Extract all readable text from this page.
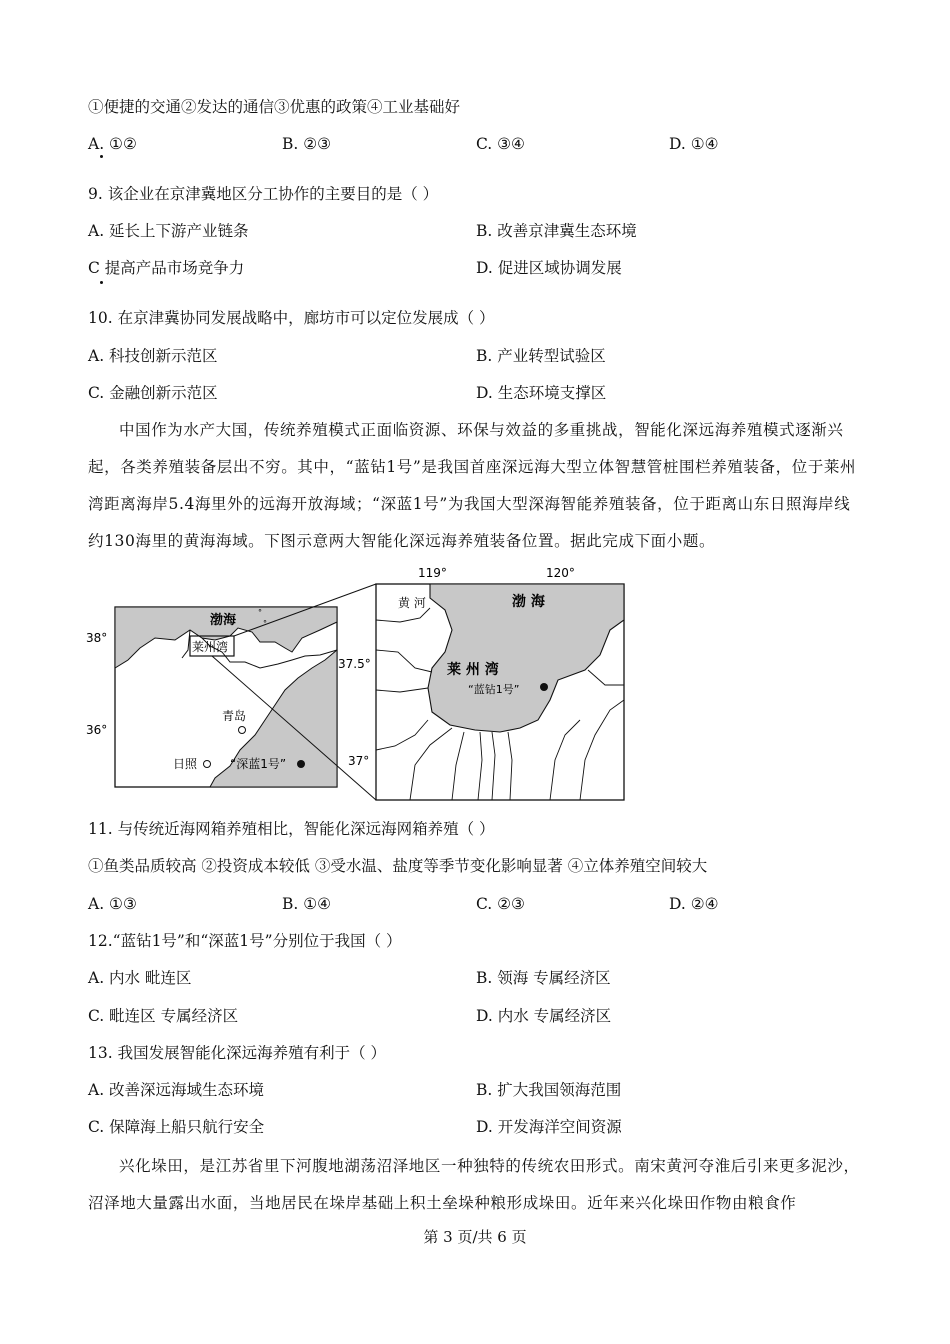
①便捷的交通②发达的通信③优惠的政策④工业基础好
A. ①②	B. ②③	C. ③④	D. ①④
9. 该企业在京津冀地区分工协作的主要目的是（ ）
A. 延长上下游产业链条	B. 改善京津冀生态环境
C 提高产品市场竞争力	D. 促进区域协调发展
10. 在京津冀协同发展战略中，廊坊市可以定位发展成（ ）
A. 科技创新示范区	B. 产业转型试验区
C. 金融创新示范区	D. 生态环境支撑区
中国作为水产大国，传统养殖模式正面临资源、环保与效益的多重挑战，智能化深远海养殖模式逐渐兴起，各类养殖装备层出不穷。其中，“蓝钻1号”是我国首座深远海大型立体智慧管桩围栏养殖装备，位于莱州湾距离海岸5.4海里外的远海开放海域；“深蓝1号”为我国大型深海智能养殖装备，位于距离山东日照海岸线约130海里的黄海海域。下图示意两大智能化深远海养殖装备位置。据此完成下面小题。
渤海
°
°
莱州湾
青岛
日照	“深蓝1号”
38°
36°
37.5°
黄 河	渤 海
莱 州 湾
“蓝钻1号”
119°	120°
37°
11. 与传统近海网箱养殖相比，智能化深远海网箱养殖（ ）
①鱼类品质较高 ②投资成本较低 ③受水温、盐度等季节变化影响显著 ④立体养殖空间较大
A. ①③	B. ①④	C. ②③	D. ②④
12.“蓝钻1号”和“深蓝1号”分别位于我国（ ）
A. 内水 毗连区	B. 领海 专属经济区
C. 毗连区 专属经济区	D. 内水 专属经济区
13. 我国发展智能化深远海养殖有利于（ ）
A. 改善深远海域生态环境	B. 扩大我国领海范围
C. 保障海上船只航行安全	D. 开发海洋空间资源
兴化垛田，是江苏省里下河腹地湖荡沼泽地区一种独特的传统农田形式。南宋黄河夺淮后引来更多泥沙，沼泽地大量露出水面，当地居民在垛岸基础上积土垒垛种粮形成垛田。近年来兴化垛田作物由粮食作
第 3 页/共 6 页
